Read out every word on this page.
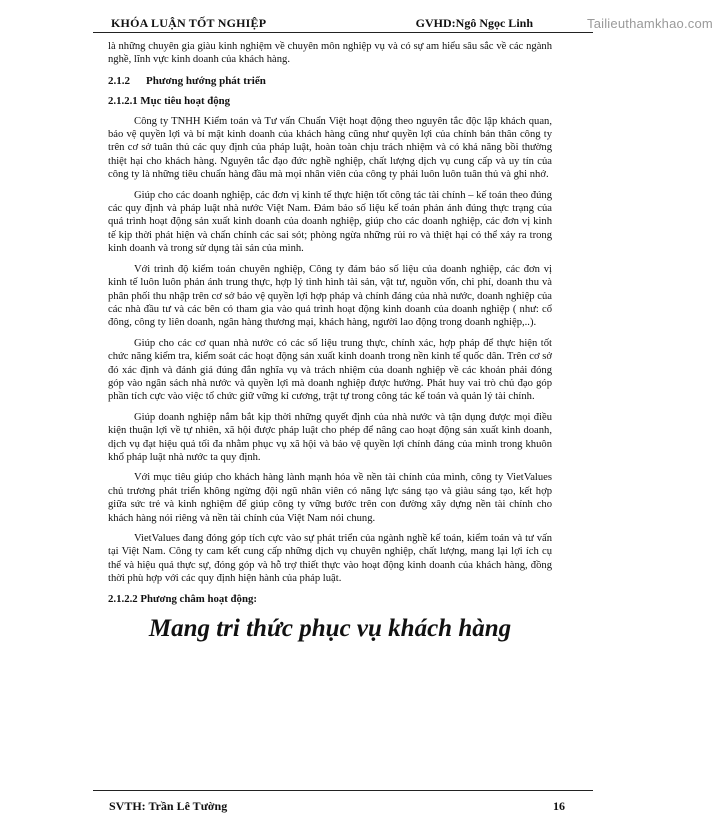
KHÓA LUẬN TỐT NGHIỆP	GVHD:Ngô Ngọc Linh	Tailieuthamkhao.com

là những chuyên gia giàu kinh nghiệm về chuyên môn nghiệp vụ và có sự am hiểu sâu sắc về các ngành nghề, lĩnh vực kinh doanh của khách hàng.

2.1.2 Phương hướng phát triển
2.1.2.1 Mục tiêu hoạt động

Công ty TNHH Kiểm toán và Tư vấn Chuẩn Việt hoạt động theo nguyên tắc độc lập khách quan, bảo vệ quyền lợi và bí mật kinh doanh của khách hàng cũng như quyền lợi của chính bản thân công ty trên cơ sở tuân thủ các quy định của pháp luật, hoàn toàn chịu trách nhiệm và có khả năng bồi thường thiệt hại cho khách hàng. Nguyên tắc đạo đức nghề nghiệp, chất lượng dịch vụ cung cấp và uy tín của công ty là những tiêu chuẩn hàng đầu mà mọi nhân viên của công ty phải luôn luôn tuân thủ và ghi nhớ.

Giúp cho các doanh nghiệp, các đơn vị kinh tế thực hiện tốt công tác tài chính – kế toán theo đúng các quy định và pháp luật nhà nước Việt Nam. Đảm bảo số liệu kế toán phản ánh đúng thực trạng của quá trình hoạt động sản xuất kinh doanh của doanh nghiệp, giúp cho các doanh nghiệp, các đơn vị kinh tế kịp thời phát hiện và chấn chỉnh các sai sót; phòng ngừa những rủi ro và thiệt hại có thể xảy ra trong kinh doanh và trong sử dụng tài sản của mình.

Với trình độ kiểm toán chuyên nghiệp, Công ty đảm bảo số liệu của doanh nghiệp, các đơn vị kinh tế luôn luôn phản ánh trung thực, hợp lý tình hình tài sản, vật tư, nguồn vốn, chi phí, doanh thu và phân phối thu nhập trên cơ sở bảo vệ quyền lợi hợp pháp và chính đáng của nhà nước, doanh nghiệp của các nhà đầu tư và các bên có tham gia vào quá trình hoạt động kinh doanh của doanh nghiệp ( như: cổ đông, công ty liên doanh, ngân hàng thương mại, khách hàng, người lao động trong doanh nghiệp,..).

Giúp cho các cơ quan nhà nước có các số liệu trung thực, chính xác, hợp pháp để thực hiện tốt chức năng kiểm tra, kiểm soát các hoạt động sản xuất kinh doanh trong nền kinh tế quốc dân. Trên cơ sở đó xác định và đánh giá đúng đắn nghĩa vụ và trách nhiệm của doanh nghiệp về các khoản phải đóng góp vào ngân sách nhà nước và quyền lợi mà doanh nghiệp được hưởng. Phát huy vai trò chủ đạo góp phần tích cực vào việc tổ chức giữ vững kỉ cương, trật tự trong công tác kế toán và quản lý tài chính.

Giúp doanh nghiệp nắm bắt kịp thời những quyết định của nhà nước và tận dụng được mọi điều kiện thuận lợi về tự nhiên, xã hội được pháp luật cho phép để nâng cao hoạt động sản xuất kinh doanh, dịch vụ đạt hiệu quả tối đa nhằm phục vụ xã hội và bảo vệ quyền lợi chính đáng của mình trong khuôn khổ pháp luật nhà nước ta quy định.

Với mục tiêu giúp cho khách hàng lành mạnh hóa về nền tài chính của mình, công ty VietValues chủ trương phát triển không ngừng đội ngũ nhân viên có năng lực sáng tạo và giàu sáng tạo, kết hợp giữa sức trẻ và kinh nghiệm để giúp công ty vững bước trên con đường xây dựng nền tài chính cho khách hàng nói riêng và nền tài chính của Việt Nam nói chung.

VietValues đang đóng góp tích cực vào sự phát triển của ngành nghề kế toán, kiểm toán và tư vấn tại Việt Nam. Công ty cam kết cung cấp những dịch vụ chuyên nghiệp, chất lượng, mang lại lợi ích cụ thể và hiệu quả thực sự, đóng góp và hỗ trợ thiết thực vào hoạt động kinh doanh của khách hàng, đồng thời phù hợp với các quy định hiện hành của pháp luật.

2.1.2.2 Phương châm hoạt động:
Mang tri thức phục vụ khách hàng
SVTH: Trần Lê Tường	16
